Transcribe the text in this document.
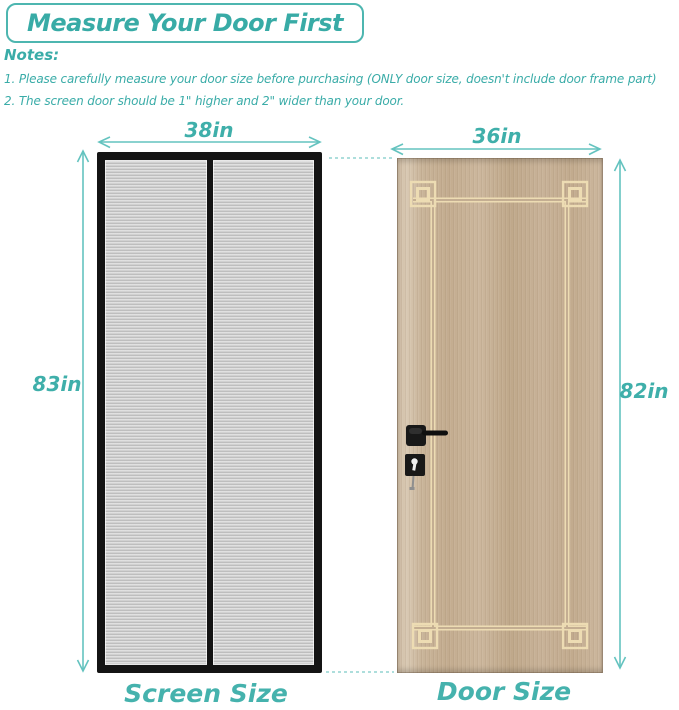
Measure Your Door First
Notes:
1. Please carefully measure your door size before purchasing (ONLY door size, doesn't include door frame part)
2. The screen door should be 1" higher and 2" wider than your door.
38in
83in
36in
82in
Screen Size	Door Size
